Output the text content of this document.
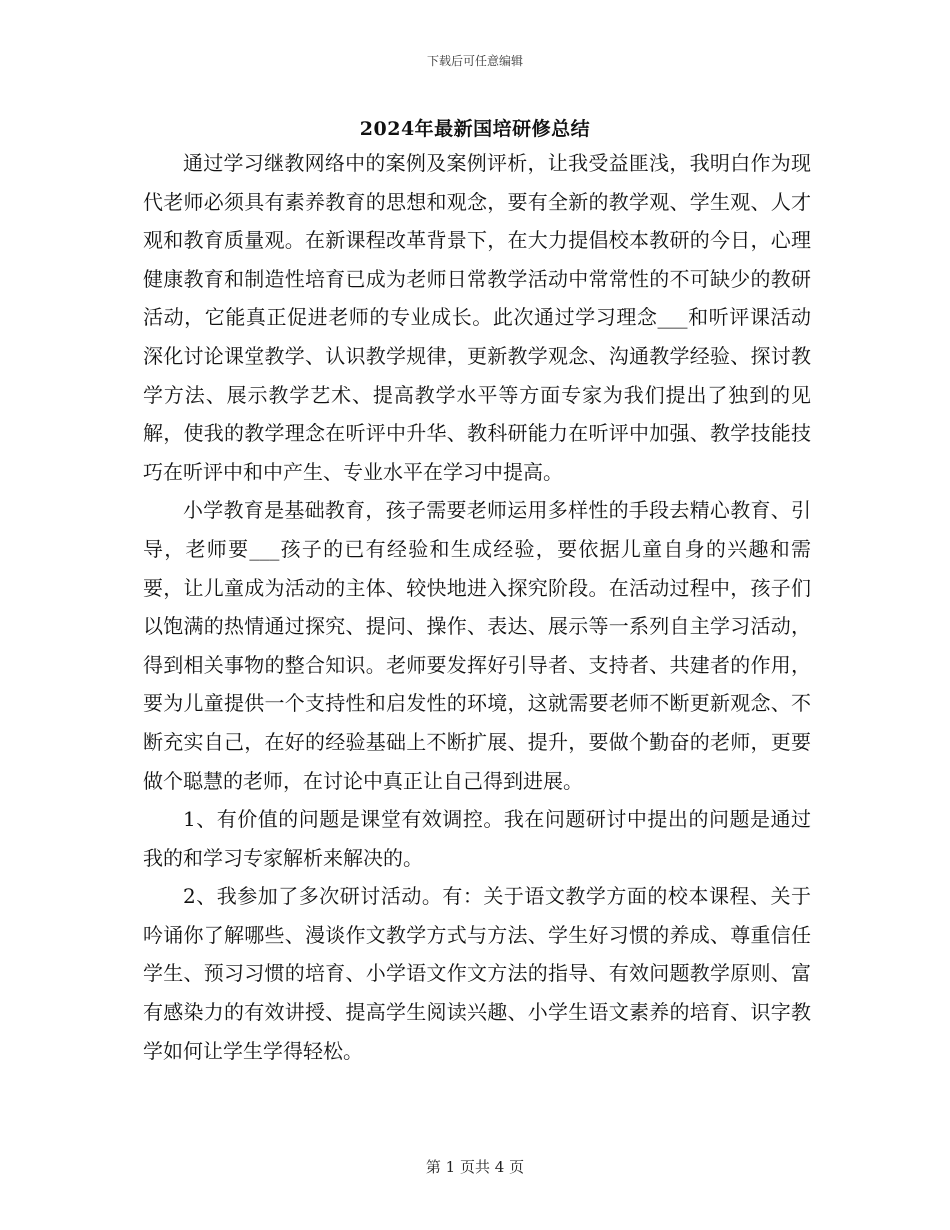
下载后可任意编辑
2024年最新国培研修总结

通过学习继教网络中的案例及案例评析，让我受益匪浅，我明白作为现代老师必须具有素养教育的思想和观念，要有全新的教学观、学生观、人才观和教育质量观。在新课程改革背景下，在大力提倡校本教研的今日，心理健康教育和制造性培育已成为老师日常教学活动中常常性的不可缺少的教研活动，它能真正促进老师的专业成长。此次通过学习理念___和听评课活动深化讨论课堂教学、认识教学规律，更新教学观念、沟通教学经验、探讨教学方法、展示教学艺术、提高教学水平等方面专家为我们提出了独到的见解，使我的教学理念在听评中升华、教科研能力在听评中加强、教学技能技巧在听评中和中产生、专业水平在学习中提高。

小学教育是基础教育，孩子需要老师运用多样性的手段去精心教育、引导，老师要___孩子的已有经验和生成经验，要依据儿童自身的兴趣和需要，让儿童成为活动的主体、较快地进入探究阶段。在活动过程中，孩子们以饱满的热情通过探究、提问、操作、表达、展示等一系列自主学习活动，得到相关事物的整合知识。老师要发挥好引导者、支持者、共建者的作用，要为儿童提供一个支持性和启发性的环境，这就需要老师不断更新观念、不断充实自己，在好的经验基础上不断扩展、提升，要做个勤奋的老师，更要做个聪慧的老师，在讨论中真正让自己得到进展。

1、有价值的问题是课堂有效调控。我在问题研讨中提出的问题是通过我的和学习专家解析来解决的。

2、我参加了多次研讨活动。有：关于语文教学方面的校本课程、关于吟诵你了解哪些、漫谈作文教学方式与方法、学生好习惯的养成、尊重信任学生、预习习惯的培育、小学语文作文方法的指导、有效问题教学原则、富有感染力的有效讲授、提高学生阅读兴趣、小学生语文素养的培育、识字教学如何让学生学得轻松。

第 1 页共 4 页
